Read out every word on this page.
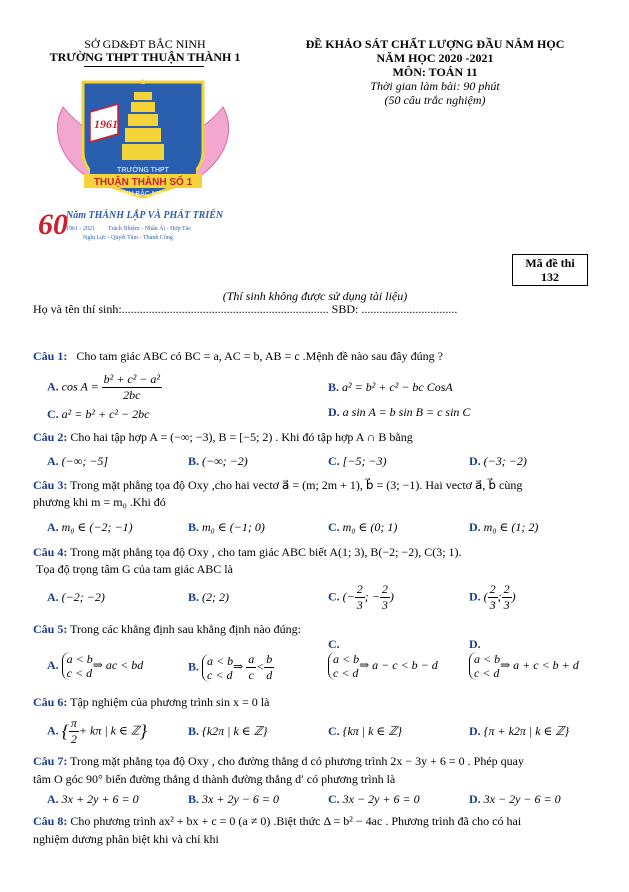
SỞ GD&ĐT BẮC NINH
TRƯỜNG THPT THUẬN THÀNH 1
ĐỀ KHẢO SÁT CHẤT LƯỢNG ĐẦU NĂM HỌC
NĂM HỌC 2020 -2021
MÔN: TOÁN 11
Thời gian làm bài: 90 phút
(50 câu trắc nghiệm)
1961
TRƯỜNG THPT
THUẬN THÀNH SỐ 1
TỈNH BẮC NINH
60
Năm THÀNH LẬP VÀ PHÁT TRIỂN
1961 - 2021 Trách Nhiệm - Nhân Ái - Hợp Tác
Nghị Lực - Quyết Tâm - Thành Công
Mã đề thi
132
(Thí sinh không được sử dụng tài liệu)
Họ và tên thí sinh:..................................................................... SBD: ................................
Câu 1: Cho tam giác ABC có BC = a, AC = b, AB = c .Mệnh đề nào sau đây đúng ?
A. $\cos A = \frac{\text{b² + c² − a²}}{2bc}$	B. a² = b² + c² − bc CosA
C. a² = b² + c² − 2bc	D. a sin A = b sin B = c sin C
Câu 2: Cho hai tập hợp A = (−∞; −3), B = [−5; 2) . Khi đó tập hợp A ∩ B bằng
A. (−∞; −5]	B. (−∞; −2)	C. [−5; −3)	D. (−3; −2)
Câu 3: Trong mặt phẳng tọa độ Oxy ,cho hai vectơ a⃗ = (m; 2m + 1), b⃗ = (3; −1). Hai vectơ a⃗, b⃗ cùng
phương khi m = m₀ .Khi đó
A. m₀ ∈ (−2; −1)	B. m₀ ∈ (−1; 0)	C. m₀ ∈ (0; 1)	D. m₀ ∈ (1; 2)
Câu 4: Trong mặt phẳng tọa độ Oxy , cho tam giác ABC biết A(1; 3), B(−2; −2), C(3; 1).
Tọa độ trọng tâm G của tam giác ABC là
A. (−2; −2)	B. (2; 2)	C. (− $\frac{2}{3}$ ; − $\frac{2}{3}$ )	D. ( $\frac{2}{3}$ ; $\frac{2}{3}$ )
Câu 5: Trong các khẳng định sau khẳng định nào đúng:
A. a < b
c < d⇒ ac < bd	B. a < b
c < d⇒ $\frac{a}{c} < \frac{b}{d}$
C.
a < b
c < d⇒ a − c < b − d
D.
a < b
c < d⇒ a + c < b + d
Câu 6: Tập nghiệm của phương trình sin x = 0 là
A. { $\frac{\pi}{2} + k\pi$ | k ∈ ℤ}	B. {k2π | k ∈ ℤ}	C. {kπ | k ∈ ℤ}	D. {π + k2π | k ∈ ℤ}
Câu 7: Trong mặt phẳng tọa độ Oxy , cho đường thẳng d có phương trình 2x − 3y + 6 = 0 . Phép quay
tâm O góc 90° biến đường thẳng d thành đường thẳng d′ có phương trình là
A. 3x + 2y + 6 = 0	B. 3x + 2y − 6 = 0	C. 3x − 2y + 6 = 0	D. 3x − 2y − 6 = 0
Câu 8: Cho phương trình ax² + bx + c = 0 (a ≠ 0) .Biệt thức Δ = b² − 4ac . Phương trình đã cho có hai
nghiệm dương phân biệt khi và chỉ khi
